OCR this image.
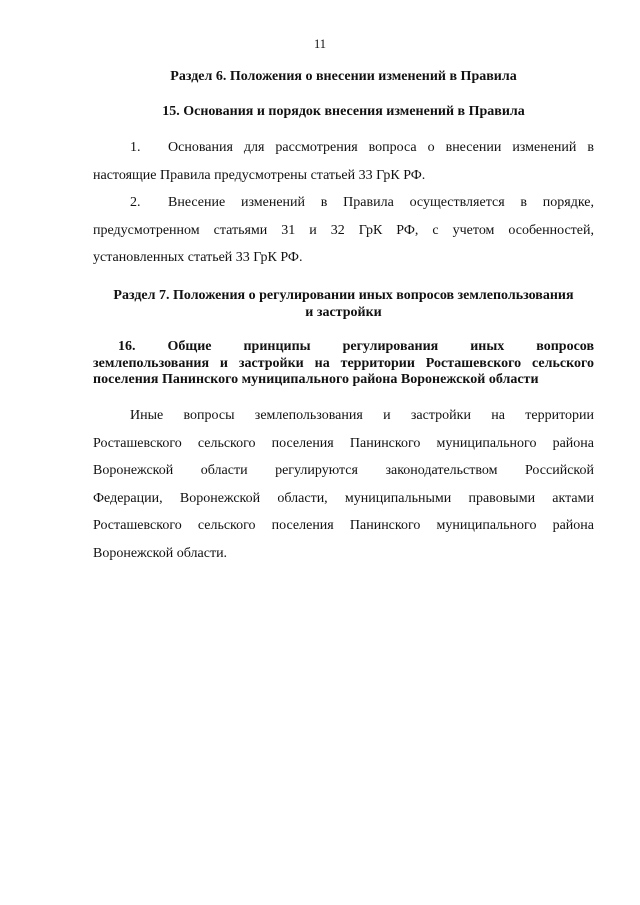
11
Раздел 6. Положения о внесении изменений в Правила
15. Основания и порядок внесения изменений в Правила
1. Основания для рассмотрения вопроса о внесении изменений в
настоящие Правила предусмотрены статьей 33 ГрК РФ.
2. Внесение изменений в Правила осуществляется в порядке,
предусмотренном статьями 31 и 32 ГрК РФ, с учетом особенностей,
установленных статьей 33 ГрК РФ.
Раздел 7. Положения о регулировании иных вопросов землепользования
и застройки
16. Общие принципы регулирования иных вопросов
землепользования и застройки на территории Росташевского сельского
поселения Панинского муниципального района Воронежской области
Иные вопросы землепользования и застройки на территории
Росташевского сельского поселения Панинского муниципального района
Воронежской области регулируются законодательством Российской
Федерации, Воронежской области, муниципальными правовыми актами
Росташевского сельского поселения Панинского муниципального района
Воронежской области.
